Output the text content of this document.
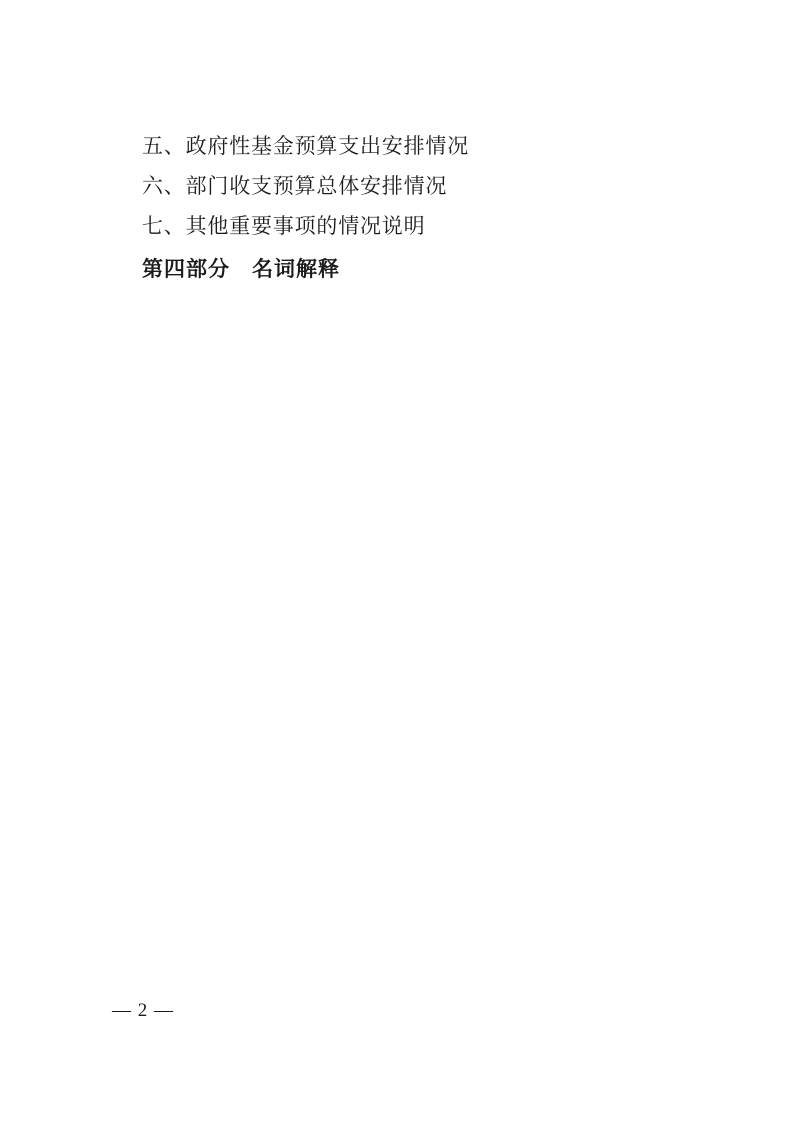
五、政府性基金预算支出安排情况
六、部门收支预算总体安排情况
七、其他重要事项的情况说明
第四部分　名词解释
— 2 —
